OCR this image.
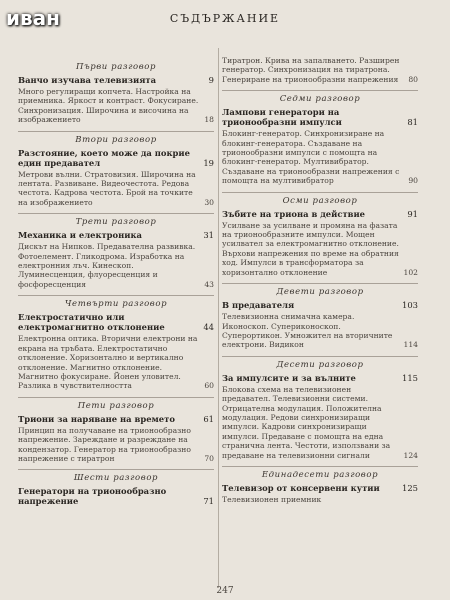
иван	СЪДЪРЖАНИЕ
Първи разговор
Ванчо изучава телевизията	9
Много регулиращи копчета. Настройка на приемника. Яркост и контраст. Фокусиране. Синхронизация. Широчина и височина на изображението	18
Втори разговор
Разстояние, което може да покрие един предавател	19
Метрови вълни. Стратовизия. Широчина на лентата. Развиване. Видеочестота. Редова честота. Кадрова честота. Брой на точките на изображението	30
Трети разговор
Механика и електроника	31
Дискът на Нипков. Предавателна развивка. Фотоелемент. Гликодрома. Изработка на електронния лъч. Кинескоп. Луминесценция, флуоресценция и фосфоресценция	43
Четвърти разговор
Електростатично или електромагнитно отклонение	44
Електронна оптика. Вторични електрони на екрана на тръбата. Електростатично отклонение. Хоризонтално и вертикално отклонение. Магнитно отклонение. Магнитно фокусиране. Йонен уловител. Разлика в чувствителността	60
Пети разговор
Триони за наряване на времето	61
Принцип на получаване на трионообразно напрежение. Зареждане и разреждане на кондензатор. Генератор на трионообразно напрежение с тиратрон	70
Шести разговор
Генератори на трионообразно напрежение	71
Тиратрон. Крива на запалването. Разширен генератор. Синхронизация на тиратрона. Генериране на трионообразни напрежения	80
Седми разговор
Лампови генератори на трионообразни импулси	81
Блокинг-генератор. Синхронизиране на блокинг-генератора. Създаване на трионообразни импулси с помощта на блокинг-генератор. Мултивибратор. Създаване на трионообразни напрежения с помощта на мултивибратор	90
Осми разговор
Зъбите на триона в действие	91
Усилване за усилване и промяна на фазата на трионообразните импулси. Мощен усилвател за електромагнитно отклонение. Върхови напрежения по време на обратния ход. Импулси в трансформатора за хоризонтално отклонение	102
Девети разговор
В предавателя	103
Телевизионна снимачна камера. Иконоскоп. Супериконоскоп. Суперортикон. Умножител на вторичните електрони. Видикон	114
Десети разговор
За импулсите и за вълните	115
Блокова схема на телевизионен предавател. Телевизионни системи. Отрицателна модулация. Положителна модулация. Редови синхронизиращи импулси. Кадрови синхронизиращи импулси. Предаване с помощта на една странична лента. Честоти, използвани за предаване на телевизионни сигнали	124
Единадесети разговор
Телевизор от консервени кутии	125
Телевизионен приемник
247
